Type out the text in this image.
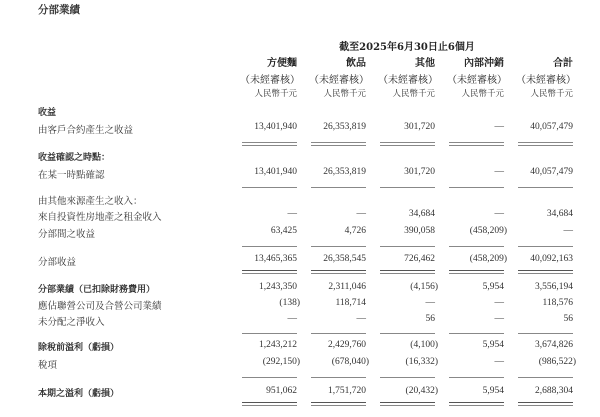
分部業績
截至2025年6月30日止6個月
方便麵	飲品	其他	內部沖銷	合計
（未經審核） （未經審核） （未經審核） （未經審核） （未經審核）
人民幣千元	人民幣千元	人民幣千元	人民幣千元	人民幣千元
收益
由客戶合約產生之收益	13,401,940	26,353,819	301,720	—	40,057,479
收益確認之時點：
在某一時點確認	13,401,940	26,353,819	301,720	—	40,057,479
由其他來源產生之收入：
來自投資性房地產之租金收入	—	—	34,684	—	34,684
分部間之收益	63,425	4,726	390,058	(458,209)	—
分部收益	13,465,365	26,358,545	726,462	(458,209)	40,092,163
分部業績（已扣除財務費用）	1,243,350	2,311,046	(4,156)	5,954	3,556,194
應佔聯營公司及合營公司業績	(138)	118,714	—	—	118,576
未分配之淨收入	—	—	56	—	56
除稅前溢利（虧損）	1,243,212	2,429,760	(4,100)	5,954	3,674,826
稅項	(292,150)	(678,040)	(16,332)	—	(986,522)
本期之溢利（虧損）	951,062	1,751,720	(20,432)	5,954	2,688,304
